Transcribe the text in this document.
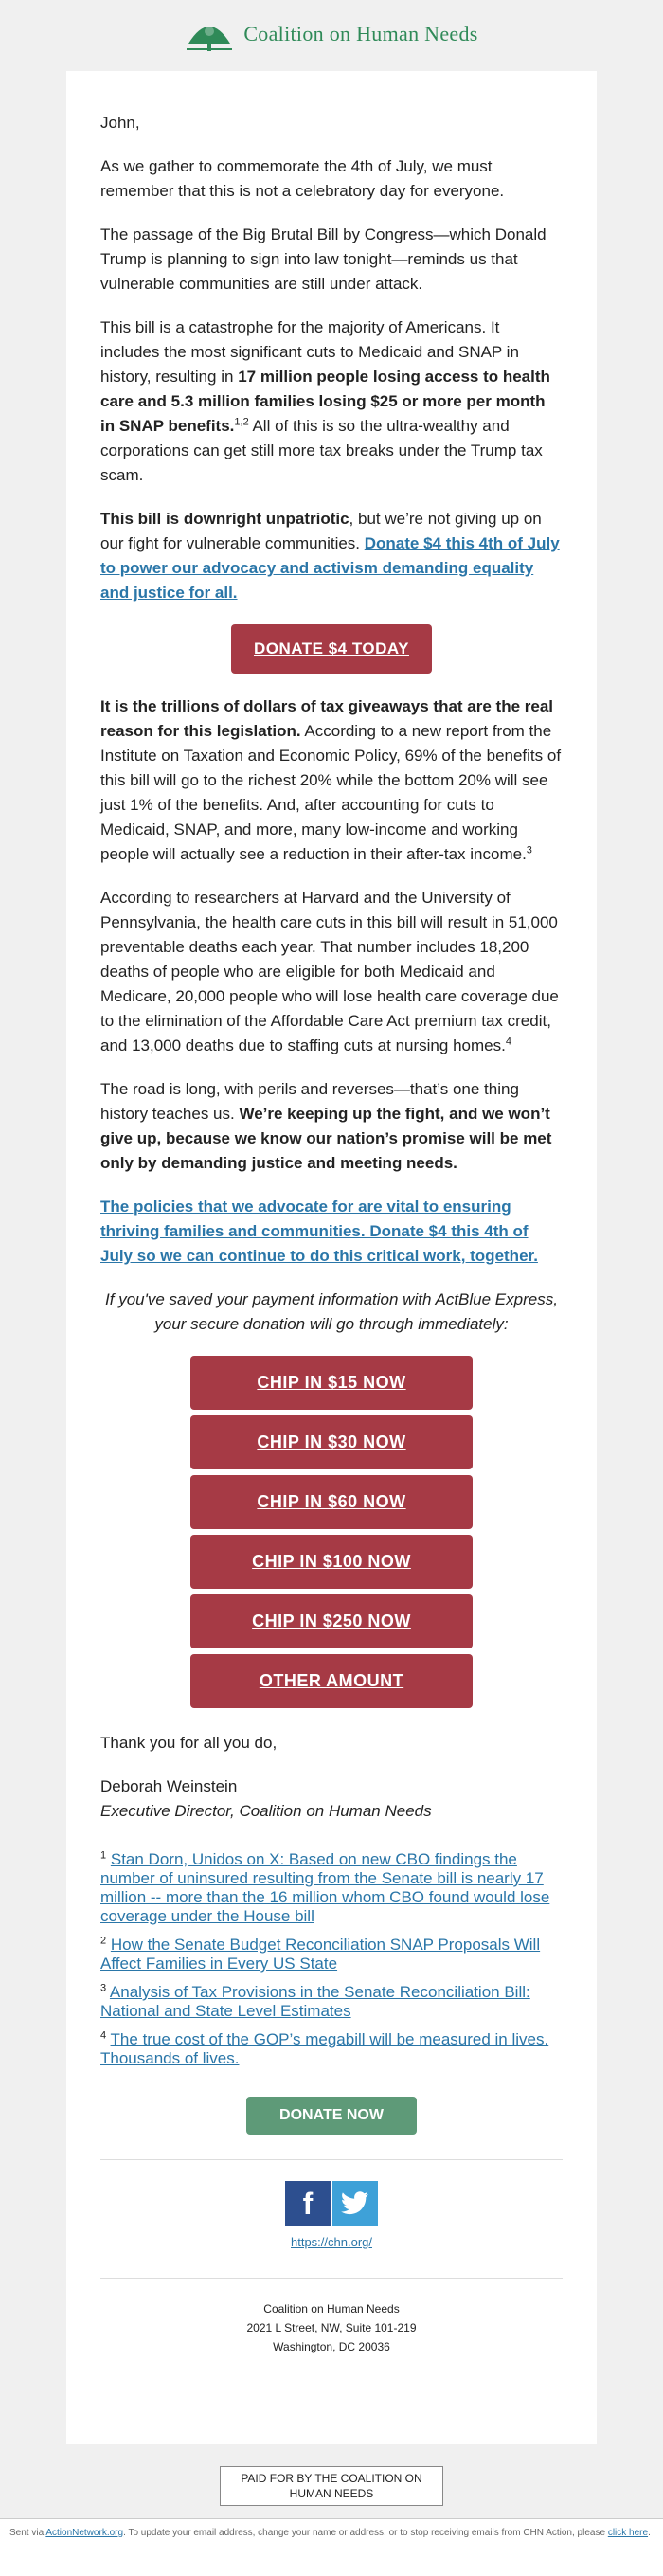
Coalition on Human Needs

John,

As we gather to commemorate the 4th of July, we must remember that this is not a celebratory day for everyone.

The passage of the Big Brutal Bill by Congress—which Donald Trump is planning to sign into law tonight—reminds us that vulnerable communities are still under attack.

This bill is a catastrophe for the majority of Americans. It includes the most significant cuts to Medicaid and SNAP in history, resulting in 17 million people losing access to health care and 5.3 million families losing $25 or more per month in SNAP benefits.$^{1,2}$ All of this is so the ultra-wealthy and corporations can get still more tax breaks under the Trump tax scam.

This bill is downright unpatriotic, but we’re not giving up on our fight for vulnerable communities. Donate $4 this 4th of July to power our advocacy and activism demanding equality and justice for all.

DONATE $4 TODAY

It is the trillions of dollars of tax giveaways that are the real reason for this legislation. According to a new report from the Institute on Taxation and Economic Policy, 69% of the benefits of this bill will go to the richest 20% while the bottom 20% will see just 1% of the benefits. And, after accounting for cuts to Medicaid, SNAP, and more, many low-income and working people will actually see a reduction in their after-tax income.$^3$

According to researchers at Harvard and the University of Pennsylvania, the health care cuts in this bill will result in 51,000 preventable deaths each year. That number includes 18,200 deaths of people who are eligible for both Medicaid and Medicare, 20,000 people who will lose health care coverage due to the elimination of the Affordable Care Act premium tax credit, and 13,000 deaths due to staffing cuts at nursing homes.$^4$

The road is long, with perils and reverses—that’s one thing history teaches us. We’re keeping up the fight, and we won’t give up, because we know our nation’s promise will be met only by demanding justice and meeting needs.

The policies that we advocate for are vital to ensuring thriving families and communities. Donate $4 this 4th of July so we can continue to do this critical work, together.

If you've saved your payment information with ActBlue Express, your secure donation will go through immediately:

CHIP IN $15 NOW
CHIP IN $30 NOW
CHIP IN $60 NOW
CHIP IN $100 NOW
CHIP IN $250 NOW
OTHER AMOUNT

Thank you for all you do,

Deborah Weinstein
Executive Director, Coalition on Human Needs

$^1$ Stan Dorn, Unidos on X: Based on new CBO findings the number of uninsured resulting from the Senate bill is nearly 17 million -- more than the 16 million whom CBO found would lose coverage under the House bill
$^2$ How the Senate Budget Reconciliation SNAP Proposals Will Affect Families in Every US State
$^3$ Analysis of Tax Provisions in the Senate Reconciliation Bill: National and State Level Estimates
$^4$ The true cost of the GOP’s megabill will be measured in lives. Thousands of lives.
DONATE NOW
f
https://chn.org/
Coalition on Human Needs
2021 L Street, NW, Suite 101-219
Washington, DC 20036
PAID FOR BY THE COALITION ON HUMAN NEEDS
Sent via ActionNetwork.org. To update your email address, change your name or address, or to stop receiving emails from CHN Action, please click here.
